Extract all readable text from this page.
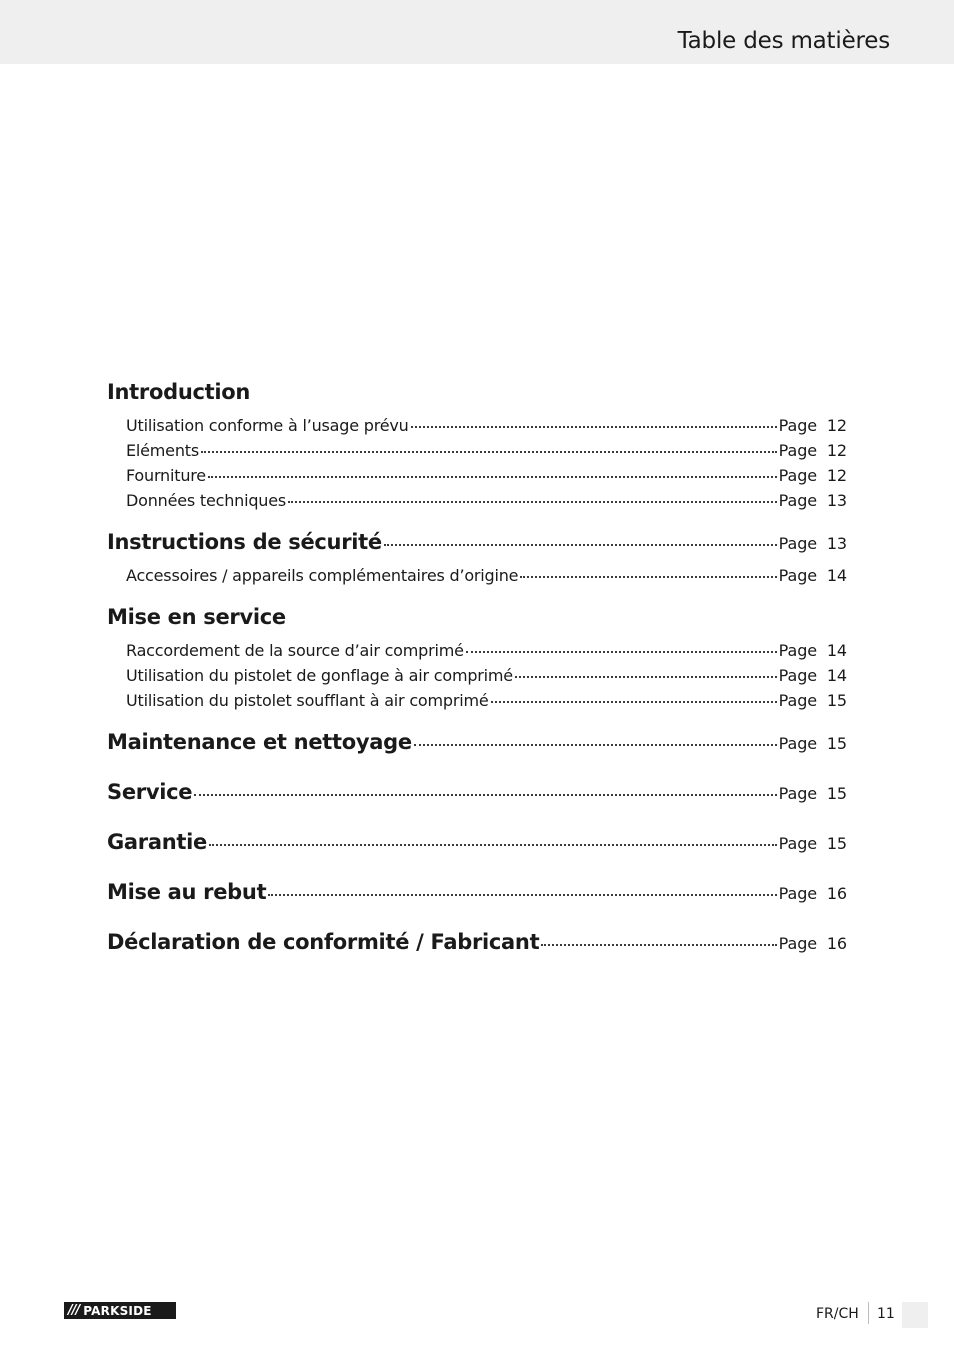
Table des matières
Introduction
Utilisation conforme à l’usage prévu	Page 12
Eléments	Page 12
Fourniture	Page 12
Données techniques	Page 13
Instructions de sécurité	Page 13
Accessoires / appareils complémentaires d’origine	Page 14
Mise en service
Raccordement de la source d’air comprimé	Page 14
Utilisation du pistolet de gonflage à air comprimé	Page 14
Utilisation du pistolet soufflant à air comprimé	Page 15
Maintenance et nettoyage	Page 15
Service	Page 15
Garantie	Page 15
Mise au rebut	Page 16
Déclaration de conformité / Fabricant	Page 16
/// PARKSIDE	FR/CH 11
